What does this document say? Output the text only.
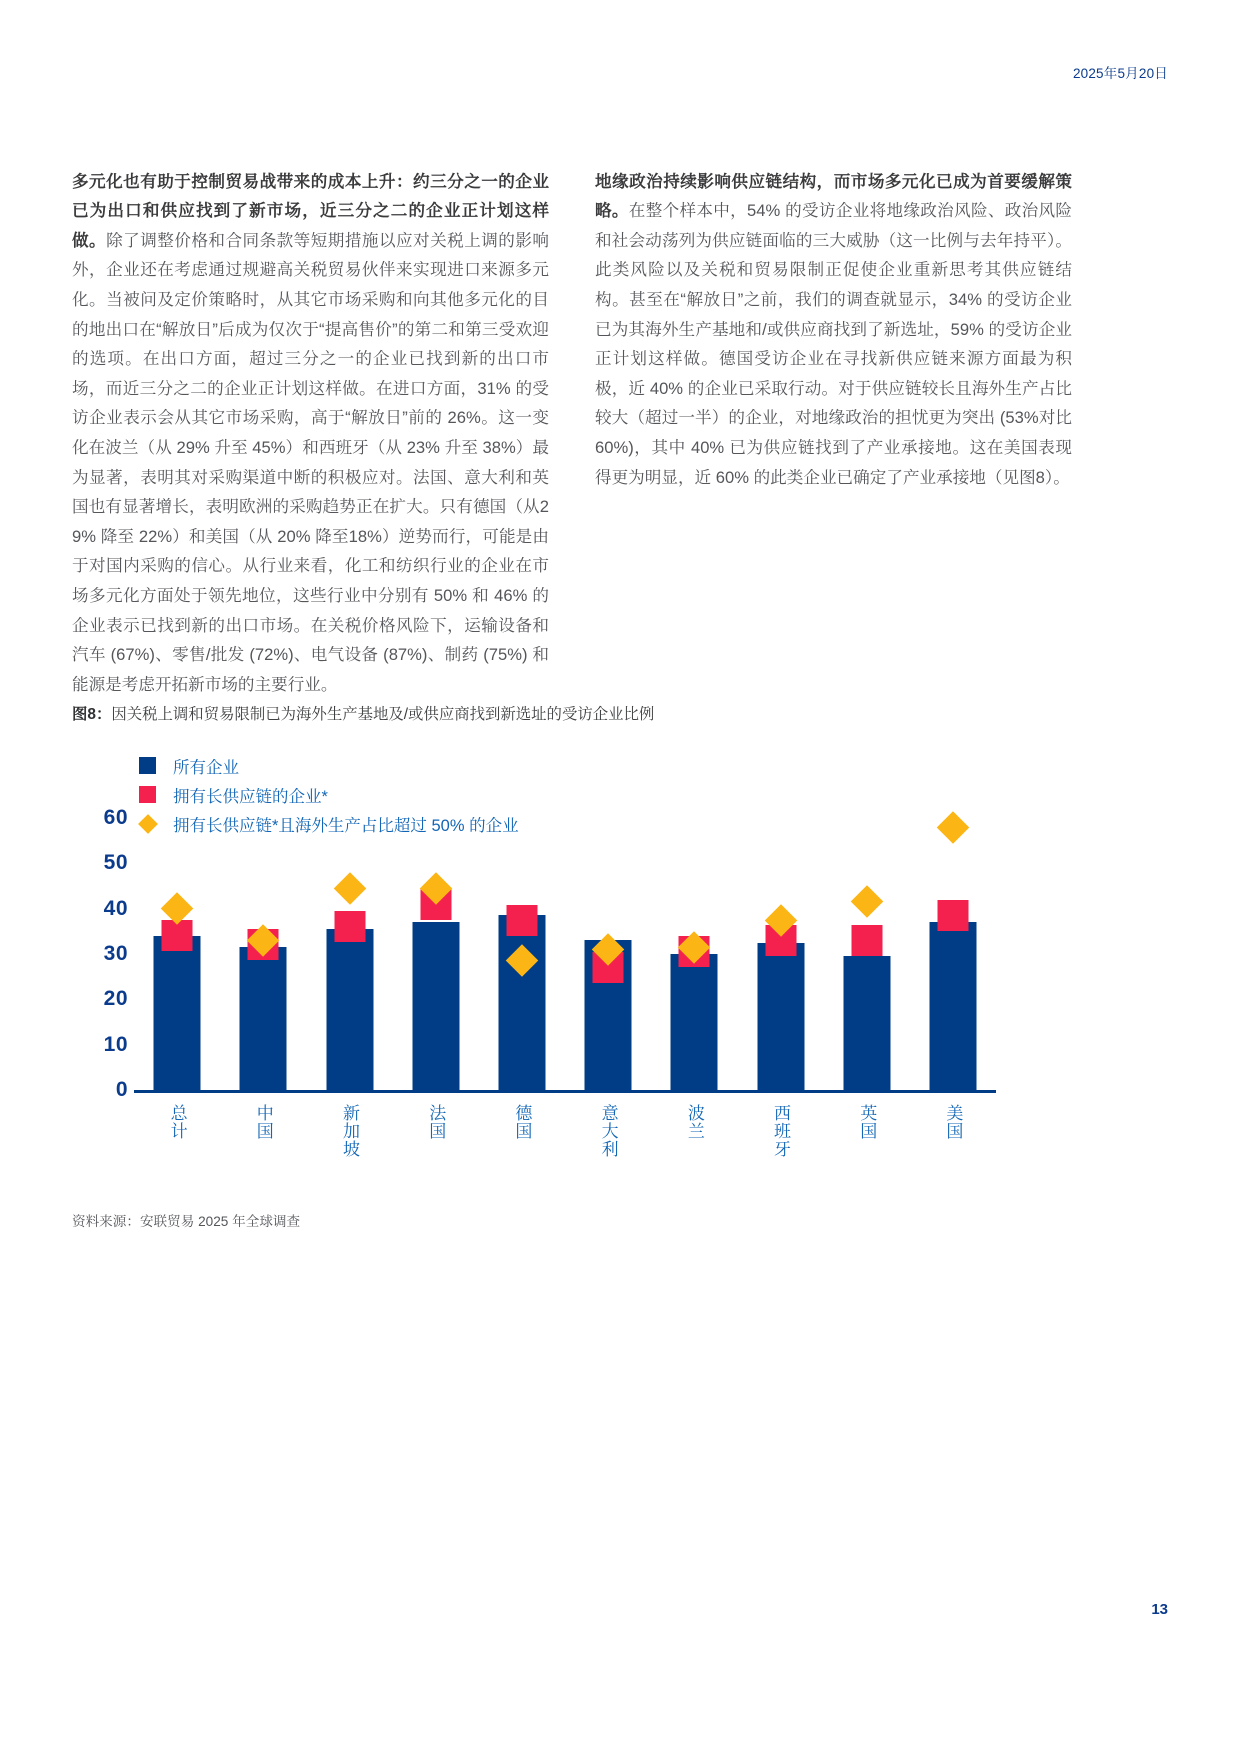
2025年5月20日

多元化也有助于控制贸易战带来的成本上升：约三分之一的企业已为出口和供应找到了新市场，近三分之二的企业正计划这样做。除了调整价格和合同条款等短期措施以应对关税上调的影响外，企业还在考虑通过规避高关税贸易伙伴来实现进口来源多元化。当被问及定价策略时，从其它市场采购和向其他多元化的目的地出口在“解放日”后成为仅次于“提高售价”的第二和第三受欢迎的选项。在出口方面，超过三分之一的企业已找到新的出口市场，而近三分之二的企业正计划这样做。在进口方面，31% 的受访企业表示会从其它市场采购，高于“解放日”前的 26%。这一变化在波兰（从 29% 升至 45%）和西班牙（从 23% 升至 38%）最为显著，表明其对采购渠道中断的积极应对。法国、意大利和英国也有显著增长，表明欧洲的采购趋势正在扩大。只有德国（从29% 降至 22%）和美国（从 20% 降至18%）逆势而行，可能是由于对国内采购的信心。从行业来看，化工和纺织行业的企业在市场多元化方面处于领先地位，这些行业中分别有 50% 和 46% 的企业表示已找到新的出口市场。在关税价格风险下，运输设备和汽车 (67%)、零售/批发 (72%)、电气设备 (87%)、制药 (75%) 和能源是考虑开拓新市场的主要行业。

地缘政治持续影响供应链结构，而市场多元化已成为首要缓解策略。在整个样本中，54% 的受访企业将地缘政治风险、政治风险和社会动荡列为供应链面临的三大威胁（这一比例与去年持平）。此类风险以及关税和贸易限制正促使企业重新思考其供应链结构。甚至在“解放日”之前，我们的调查就显示，34% 的受访企业已为其海外生产基地和/或供应商找到了新选址，59% 的受访企业正计划这样做。德国受访企业在寻找新供应链来源方面最为积极，近 40% 的企业已采取行动。对于供应链较长且海外生产占比较大（超过一半）的企业，对地缘政治的担忧更为突出 (53%对比60%)，其中 40% 已为供应链找到了产业承接地。这在美国表现得更为明显，近 60% 的此类企业已确定了产业承接地（见图8）。

图8：因关税上调和贸易限制已为海外生产基地及/或供应商找到新选址的受访企业比例
所有企业
拥有长供应链的企业*
拥有长供应链*且海外生产占比超过 50% 的企业
0
10
20
30
40
50
60
总计	中国	新加坡	法国	德国	意大利	波兰	西班牙	英国	美国
资料来源：安联贸易 2025 年全球调查
13
